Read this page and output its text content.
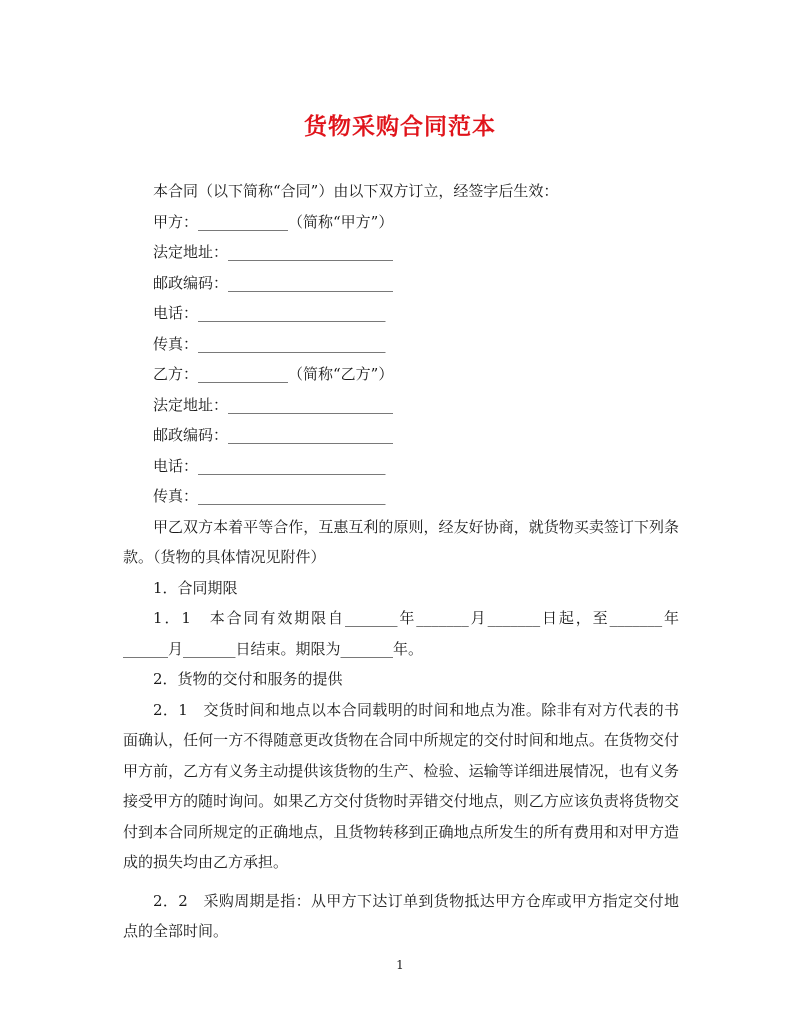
货物采购合同范本
本合同（以下简称“合同”）由以下双方订立，经签字后生效：
甲方：____________（简称“甲方”）
法定地址：______________________
邮政编码：______________________
电话：_________________________
传真：_________________________
乙方：____________（简称“乙方”）
法定地址：______________________
邮政编码：______________________
电话：_________________________
传真：_________________________
甲乙双方本着平等合作，互惠互利的原则，经友好协商，就货物买卖签订下列条款。（货物的具体情况见附件）
1．合同期限
1．1　本合同有效期限自_______年_______月_______日起，至_______年______月_______日结束。期限为_______年。
2．货物的交付和服务的提供
2．1　交货时间和地点以本合同载明的时间和地点为准。除非有对方代表的书面确认，任何一方不得随意更改货物在合同中所规定的交付时间和地点。在货物交付甲方前，乙方有义务主动提供该货物的生产、检验、运输等详细进展情况，也有义务接受甲方的随时询问。如果乙方交付货物时弄错交付地点，则乙方应该负责将货物交付到本合同所规定的正确地点，且货物转移到正确地点所发生的所有费用和对甲方造成的损失均由乙方承担。
2．2　采购周期是指：从甲方下达订单到货物抵达甲方仓库或甲方指定交付地点的全部时间。
1
